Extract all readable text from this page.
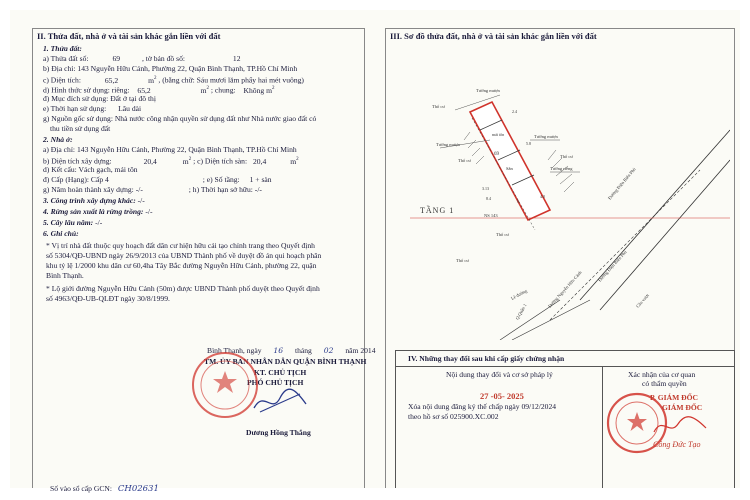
II. Thửa đất, nhà ở và tài sản khác gắn liền với đất
1. Thửa đất:
a) Thửa đất số:	69	, tờ bản đồ số:	12
b) Địa chỉ: 143 Nguyễn Hữu Cảnh, Phường 22, Quận Bình Thạnh, TP.Hồ Chí Minh
c) Diện tích:	65,2	$m^2$ , (bằng chữ: Sáu mươi lăm phẩy hai mét vuông)
d) Hình thức sử dụng: riêng: 65,2	$m^2$ ; chung: Không $m^2$
đ) Mục đích sử dụng: Đất ở tại đô thị
e) Thời hạn sử dụng: Lâu dài
g) Nguồn gốc sử dụng: Nhà nước công nhận quyền sử dụng đất như Nhà nước giao đất có
thu tiền sử dụng đất
2. Nhà ở:
a) Địa chỉ: 143 Nguyễn Hữu Cảnh, Phường 22, Quận Bình Thạnh, TP.Hồ Chí Minh
b) Diện tích xây dựng:	20,4	$m^2$ ; c) Diện tích sàn: 20,4	$m^2$
d) Kết cấu: Vách gạch, mái tôn
đ) Cấp (Hạng): Cấp 4	; e) Số tầng: 1 + sàn
g) Năm hoàn thành xây dựng: -/-	; h) Thời hạn sở hữu: -/-
3. Công trình xây dựng khác: -/-
4. Rừng sản xuất là rừng trồng: -/-
5. Cây lâu năm: -/-
6. Ghi chú:
* Vị trí nhà đất thuộc quy hoạch đất dân cư hiện hữu cải tạo chỉnh trang theo Quyết định
số 5304/QĐ-UBND ngày 26/9/2013 của UBND Thành phố về duyệt đồ án qui hoạch phân
khu tỷ lệ 1/2000 khu dân cư 60,4ha Tây Bắc đường Nguyễn Hữu Cảnh, phường 22, quận
Bình Thạnh.
* Lộ giới đường Nguyễn Hữu Cảnh (50m) được UBND Thành phố duyệt theo Quyết định
số 4963/QĐ-UB-QLĐT ngày 30/8/1999.
Bình Thạnh, ngày 16 tháng 02 năm 2014
TM. ỦY BAN NHÂN DÂN QUẬN BÌNH THẠNH
KT. CHỦ TỊCH
PHÓ CHỦ TỊCH
Dương Hồng Thắng
Số vào sổ cấp GCN: CH02631
III. Sơ đồ thửa đất, nhà ở và tài sản khác gắn liền với đất
Tường mượn
Thổ cư
Tường mượn
Tường mượn
Tường riêng
Thổ cư
Thổ cư
mái tôn
Sân
69
2.4
5.8
4.0
3.13
8.4
9
NS 143
TẦNG 1
Thổ cư
Thổ cư
Lề đường	Đường Nguyễn Hữu Cảnh
Đường Điện Biên Phủ
Đường Điện Biên Phủ
Cầu vượt
Q.Quận 1
IV. Những thay đổi sau khi cấp giấy chứng nhận
Nội dung thay đổi và cơ sở pháp lý	Xác nhận của cơ quan
có thẩm quyền
27 -05- 2025
Xóa nội dung đăng ký thế chấp ngày 09/12/2024
theo hồ sơ số 025900.XC.002
P. GIÁM ĐỐC
GIÁM ĐỐC
Công Đức Tạo
